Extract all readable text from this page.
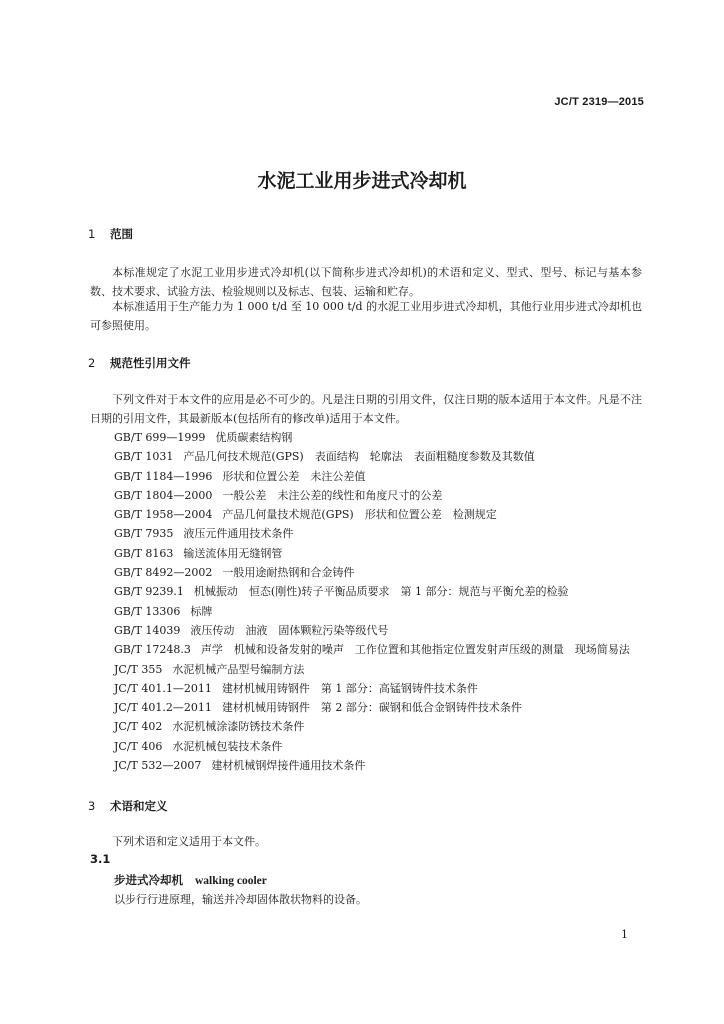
JC/T 2319—2015
水泥工业用步进式冷却机
1 范围
本标准规定了水泥工业用步进式冷却机(以下简称步进式冷却机)的术语和定义、型式、型号、标记与基本参数、技术要求、试验方法、检验规则以及标志、包装、运输和贮存。
本标准适用于生产能力为 1 000 t/d 至 10 000 t/d 的水泥工业用步进式冷却机，其他行业用步进式冷却机也可参照使用。
2 规范性引用文件
下列文件对于本文件的应用是必不可少的。凡是注日期的引用文件，仅注日期的版本适用于本文件。凡是不注日期的引用文件，其最新版本(包括所有的修改单)适用于本文件。
GB/T 699—1999 优质碳素结构钢
GB/T 1031 产品几何技术规范(GPS)　表面结构　轮廓法　表面粗糙度参数及其数值
GB/T 1184—1996 形状和位置公差　未注公差值
GB/T 1804—2000 一般公差　未注公差的线性和角度尺寸的公差
GB/T 1958—2004 产品几何量技术规范(GPS)　形状和位置公差　检测规定
GB/T 7935 液压元件通用技术条件
GB/T 8163 输送流体用无缝钢管
GB/T 8492—2002 一般用途耐热钢和合金铸件
GB/T 9239.1 机械振动　恒态(刚性)转子平衡品质要求　第 1 部分：规范与平衡允差的检验
GB/T 13306 标牌
GB/T 14039 液压传动　油液　固体颗粒污染等级代号
GB/T 17248.3 声学　机械和设备发射的噪声　工作位置和其他指定位置发射声压级的测量　现场简易法
JC/T 355 水泥机械产品型号编制方法
JC/T 401.1—2011 建材机械用铸钢件　第 1 部分：高锰钢铸件技术条件
JC/T 401.2—2011 建材机械用铸钢件　第 2 部分：碳钢和低合金钢铸件技术条件
JC/T 402 水泥机械涂漆防锈技术条件
JC/T 406 水泥机械包装技术条件
JC/T 532—2007 建材机械钢焊接件通用技术条件
3 术语和定义
下列术语和定义适用于本文件。
3.1
步进式冷却机 walking cooler
以步行行进原理，输送并冷却固体散状物料的设备。
1
